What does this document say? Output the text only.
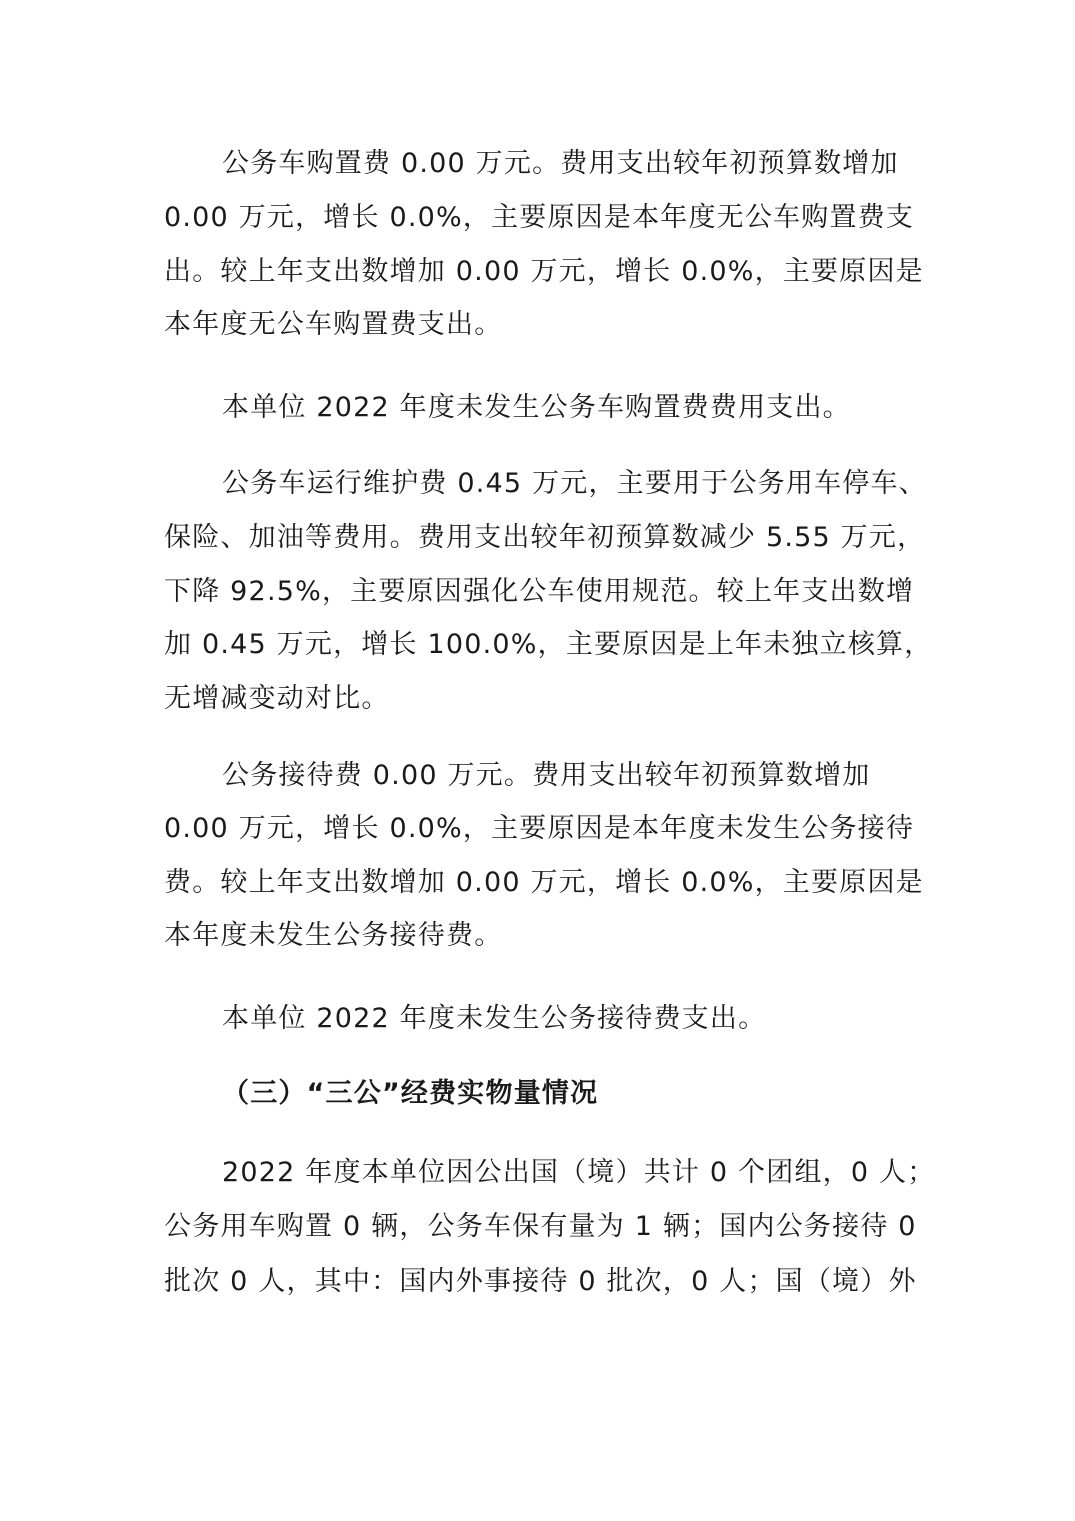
公务车购置费 0.00 万元。费用支出较年初预算数增加
0.00 万元，增长 0.0%，主要原因是本年度无公车购置费支
出。较上年支出数增加 0.00 万元，增长 0.0%，主要原因是
本年度无公车购置费支出。
本单位 2022 年度未发生公务车购置费费用支出。
公务车运行维护费 0.45 万元，主要用于公务用车停车、
保险、加油等费用。费用支出较年初预算数减少 5.55 万元，
下降 92.5%，主要原因强化公车使用规范。较上年支出数增
加 0.45 万元，增长 100.0%，主要原因是上年未独立核算，
无增减变动对比。
公务接待费 0.00 万元。费用支出较年初预算数增加
0.00 万元，增长 0.0%，主要原因是本年度未发生公务接待
费。较上年支出数增加 0.00 万元，增长 0.0%，主要原因是
本年度未发生公务接待费。
本单位 2022 年度未发生公务接待费支出。
（三）“三公”经费实物量情况
2022 年度本单位因公出国（境）共计 0 个团组，0 人；
公务用车购置 0 辆，公务车保有量为 1 辆；国内公务接待 0
批次 0 人，其中：国内外事接待 0 批次，0 人；国（境）外
